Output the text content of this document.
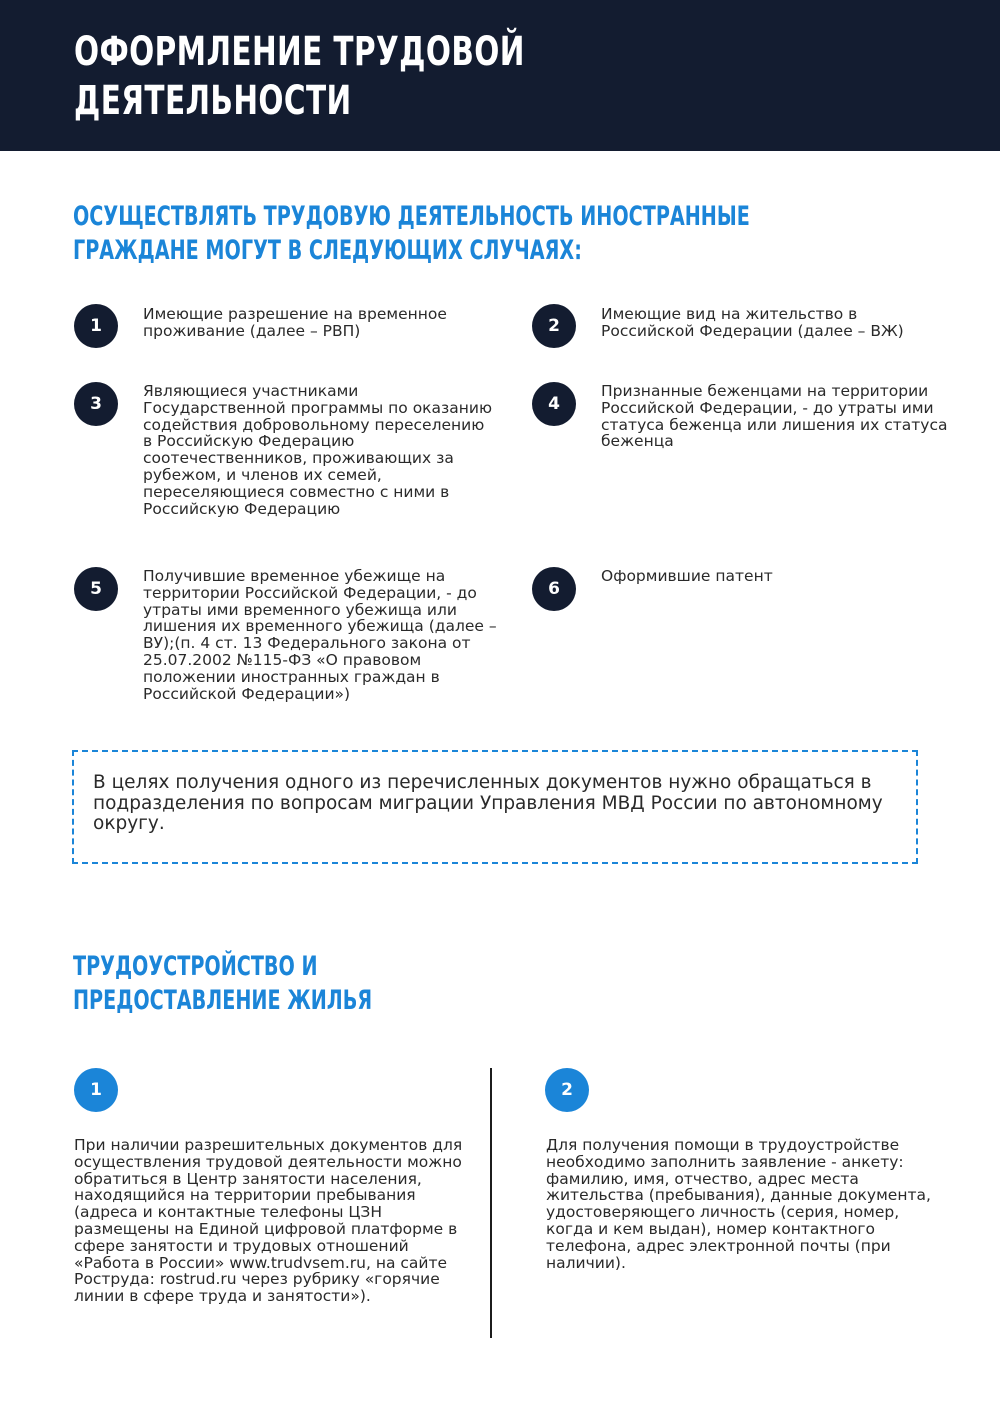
ОФОРМЛЕНИЕ ТРУДОВОЙ
ДЕЯТЕЛЬНОСТИ
ОСУЩЕСТВЛЯТЬ ТРУДОВУЮ ДЕЯТЕЛЬНОСТЬ ИНОСТРАННЫЕ
ГРАЖДАНЕ МОГУТ В СЛЕДУЮЩИХ СЛУЧАЯХ:
1

Имеющие разрешение на временное проживание (далее – РВП)	2

Имеющие вид на жительство в Российской Федерации (далее – ВЖ)

3

Являющиеся участниками Государственной программы по оказанию содействия добровольному переселению в Российскую Федерацию соотечественников, проживающих за рубежом, и членов их семей, переселяющиеся совместно с ними в Российскую Федерацию

4

Признанные беженцами на территории Российской Федерации, - до утраты ими статуса беженца или лишения их статуса беженца

5

Получившие временное убежище на территории Российской Федерации, - до утраты ими временного убежища или лишения их временного убежища (далее – ВУ);(п. 4 ст. 13 Федерального закона от 25.07.2002 №115-ФЗ «О правовом положении иностранных граждан в Российской Федерации»)

6

Оформившие патент

В целях получения одного из перечисленных документов нужно обращаться в подразделения по вопросам миграции Управления МВД России по автономному округу.

ТРУДОУСТРОЙСТВО И
ПРЕДОСТАВЛЕНИЕ ЖИЛЬЯ
1

При наличии разрешительных документов для осуществления трудовой деятельности можно обратиться в Центр занятости населения, находящийся на территории пребывания (адреса и контактные телефоны ЦЗН размещены на Единой цифровой платформе в сфере занятости и трудовых отношений «Работа в России» www.trudvsem.ru, на сайте Роструда: rostrud.ru через рубрику «горячие линии в сфере труда и занятости»).

2

Для получения помощи в трудоустройстве необходимо заполнить заявление - анкету: фамилию, имя, отчество, адрес места жительства (пребывания), данные документа, удостоверяющего личность (серия, номер, когда и кем выдан), номер контактного телефона, адрес электронной почты (при наличии).
